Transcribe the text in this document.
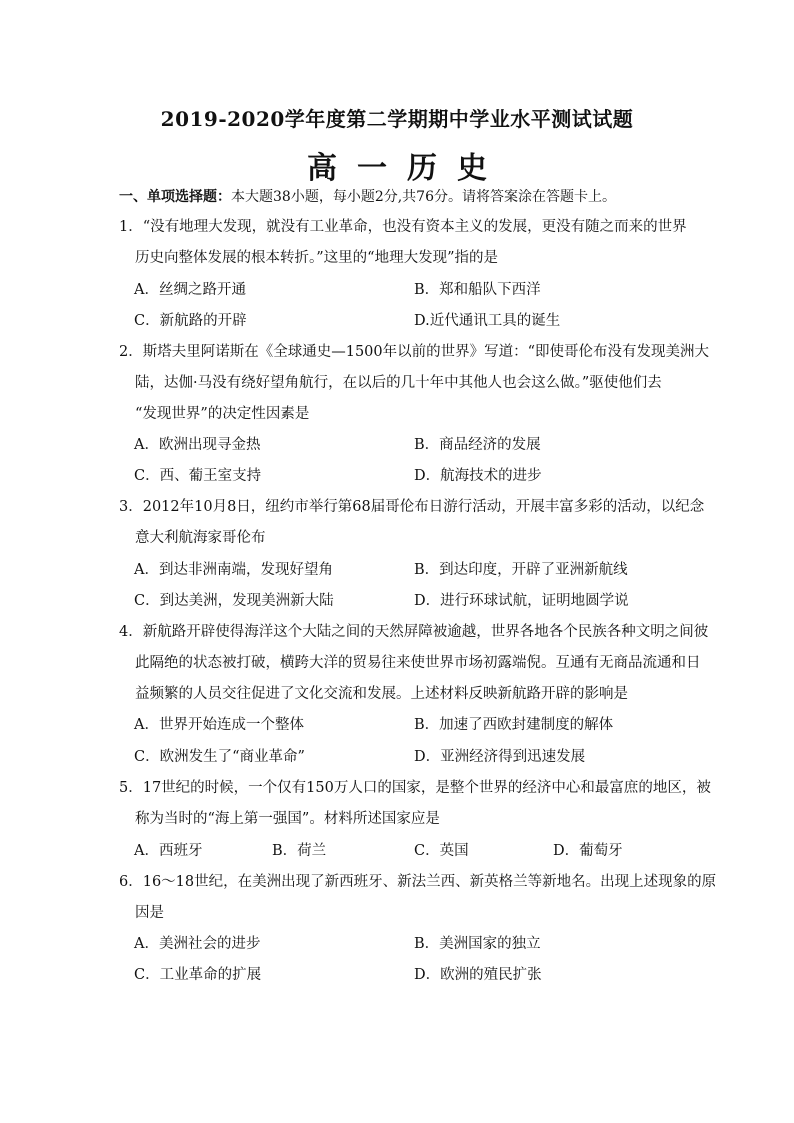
2019-2020学年度第二学期期中学业水平测试试题
高一历史
一、单项选择题：本大题38小题，每小题2分,共76分。请将答案涂在答题卡上。
1．“没有地理大发现，就没有工业革命，也没有资本主义的发展，更没有随之而来的世界
历史向整体发展的根本转折。”这里的“地理大发现”指的是
A．丝绸之路开通	B．郑和船队下西洋
C．新航路的开辟	D.近代通讯工具的诞生
2．斯塔夫里阿诺斯在《全球通史—1500年以前的世界》写道：“即使哥伦布没有发现美洲大
陆，达伽·马没有绕好望角航行，在以后的几十年中其他人也会这么做。”驱使他们去
“发现世界”的决定性因素是
A．欧洲出现寻金热	B．商品经济的发展
C．西、葡王室支持	D．航海技术的进步
3．2012年10月8日，纽约市举行第68届哥伦布日游行活动，开展丰富多彩的活动，以纪念
意大利航海家哥伦布
A．到达非洲南端，发现好望角	B．到达印度，开辟了亚洲新航线
C．到达美洲，发现美洲新大陆	D．进行环球试航，证明地圆学说
4．新航路开辟使得海洋这个大陆之间的天然屏障被逾越，世界各地各个民族各种文明之间彼
此隔绝的状态被打破，横跨大洋的贸易往来使世界市场初露端倪。互通有无商品流通和日
益频繁的人员交往促进了文化交流和发展。上述材料反映新航路开辟的影响是
A．世界开始连成一个整体	B．加速了西欧封建制度的解体
C．欧洲发生了“商业革命”	D．亚洲经济得到迅速发展
5．17世纪的时候，一个仅有150万人口的国家，是整个世界的经济中心和最富庶的地区，被
称为当时的“海上第一强国”。材料所述国家应是
A．西班牙	B．荷兰	C．英国	D．葡萄牙
6．16～18世纪，在美洲出现了新西班牙、新法兰西、新英格兰等新地名。出现上述现象的原
因是
A．美洲社会的进步	B．美洲国家的独立
C．工业革命的扩展	D．欧洲的殖民扩张
